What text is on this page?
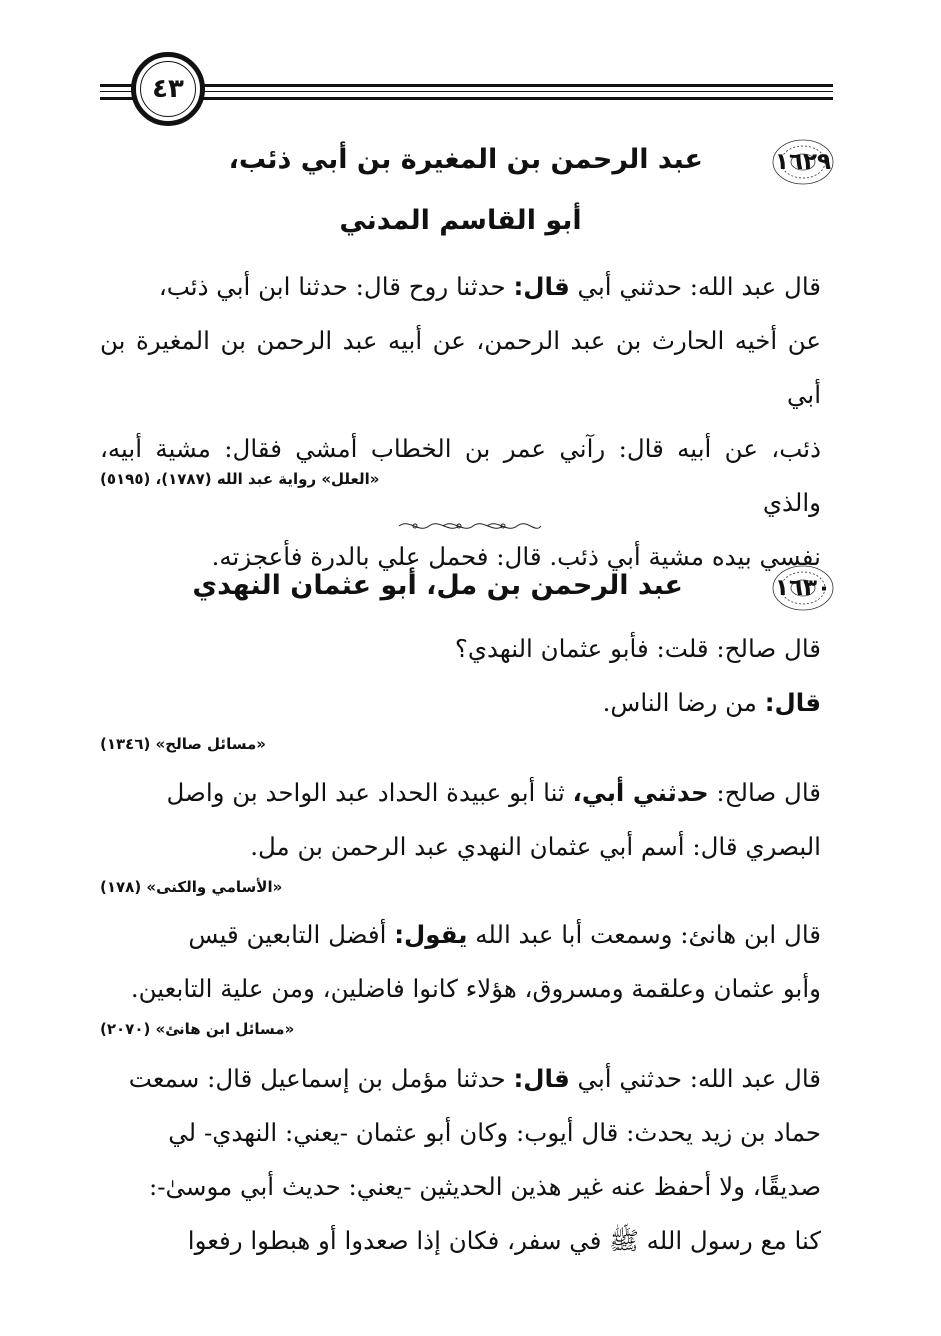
٤٣
١٦٢٩
عبد الرحمن بن المغيرة بن أبي ذئب،
أبو القاسم المدني
قال عبد الله: حدثني أبي قال: حدثنا روح قال: حدثنا ابن أبي ذئب،
عن أخيه الحارث بن عبد الرحمن، عن أبيه عبد الرحمن بن المغيرة بن أبي
ذئب، عن أبيه قال: رآني عمر بن الخطاب أمشي فقال: مشية أبيه، والذي
نفسي بيده مشية أبي ذئب. قال: فحمل علي بالدرة فأعجزته.
«العلل» رواية عبد الله (١٧٨٧)، (٥١٩٥)
١٦٣٠
عبد الرحمن بن مل، أبو عثمان النهدي
قال صالح: قلت: فأبو عثمان النهدي؟
قال: من رضا الناس.
«مسائل صالح» (١٣٤٦)
قال صالح: حدثني أبي، ثنا أبو عبيدة الحداد عبد الواحد بن واصل
البصري قال: أسم أبي عثمان النهدي عبد الرحمن بن مل.
«الأسامي والكنى» (١٧٨)
قال ابن هانئ: وسمعت أبا عبد الله يقول: أفضل التابعين قيس
وأبو عثمان وعلقمة ومسروق، هؤلاء كانوا فاضلين، ومن علية التابعين.
«مسائل ابن هانئ» (٢٠٧٠)
قال عبد الله: حدثني أبي قال: حدثنا مؤمل بن إسماعيل قال: سمعت
حماد بن زيد يحدث: قال أيوب: وكان أبو عثمان -يعني: النهدي- لي
صديقًا، ولا أحفظ عنه غير هذين الحديثين -يعني: حديث أبي موسىٰ-:
كنا مع رسول الله ﷺ في سفر، فكان إذا صعدوا أو هبطوا رفعوا
